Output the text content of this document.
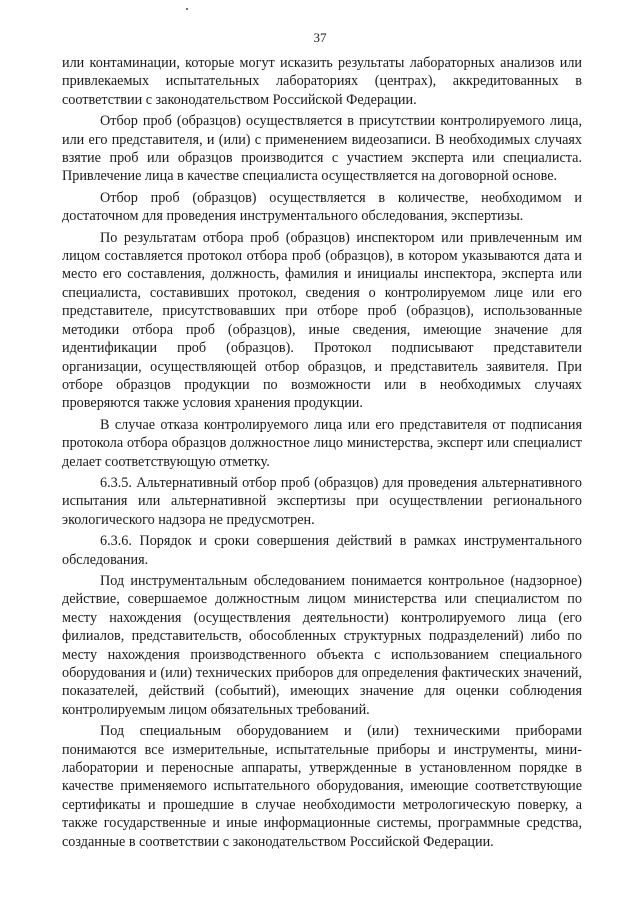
37

или контаминации, которые могут исказить результаты лабораторных анализов или привлекаемых испытательных лабораториях (центрах), аккредитованных в соответствии с законодательством Российской Федерации.

Отбор проб (образцов) осуществляется в присутствии контролируемого лица, или его представителя, и (или) с применением видеозаписи. В необходимых случаях взятие проб или образцов производится с участием эксперта или специалиста. Привлечение лица в качестве специалиста осуществляется на договорной основе.

Отбор проб (образцов) осуществляется в количестве, необходимом и достаточном для проведения инструментального обследования, экспертизы.

По результатам отбора проб (образцов) инспектором или привлеченным им лицом составляется протокол отбора проб (образцов), в котором указываются дата и место его составления, должность, фамилия и инициалы инспектора, эксперта или специалиста, составивших протокол, сведения о контролируемом лице или его представителе, присутствовавших при отборе проб (образцов), использованные методики отбора проб (образцов), иные сведения, имеющие значение для идентификации проб (образцов). Протокол подписывают представители организации, осуществляющей отбор образцов, и представитель заявителя. При отборе образцов продукции по возможности или в необходимых случаях проверяются также условия хранения продукции.

В случае отказа контролируемого лица или его представителя от подписания протокола отбора образцов должностное лицо министерства, эксперт или специалист делает соответствующую отметку.

6.3.5. Альтернативный отбор проб (образцов) для проведения альтернативного испытания или альтернативной экспертизы при осуществлении регионального экологического надзора не предусмотрен.

6.3.6. Порядок и сроки совершения действий в рамках инструментального обследования.

Под инструментальным обследованием понимается контрольное (надзорное) действие, совершаемое должностным лицом министерства или специалистом по месту нахождения (осуществления деятельности) контролируемого лица (его филиалов, представительств, обособленных структурных подразделений) либо по месту нахождения производственного объекта с использованием специального оборудования и (или) технических приборов для определения фактических значений, показателей, действий (событий), имеющих значение для оценки соблюдения контролируемым лицом обязательных требований.

Под специальным оборудованием и (или) техническими приборами понимаются все измерительные, испытательные приборы и инструменты, мини-лаборатории и переносные аппараты, утвержденные в установленном порядке в качестве применяемого испытательного оборудования, имеющие соответствующие сертификаты и прошедшие в случае необходимости метрологическую поверку, а также государственные и иные информационные системы, программные средства, созданные в соответствии с законодательством Российской Федерации.
